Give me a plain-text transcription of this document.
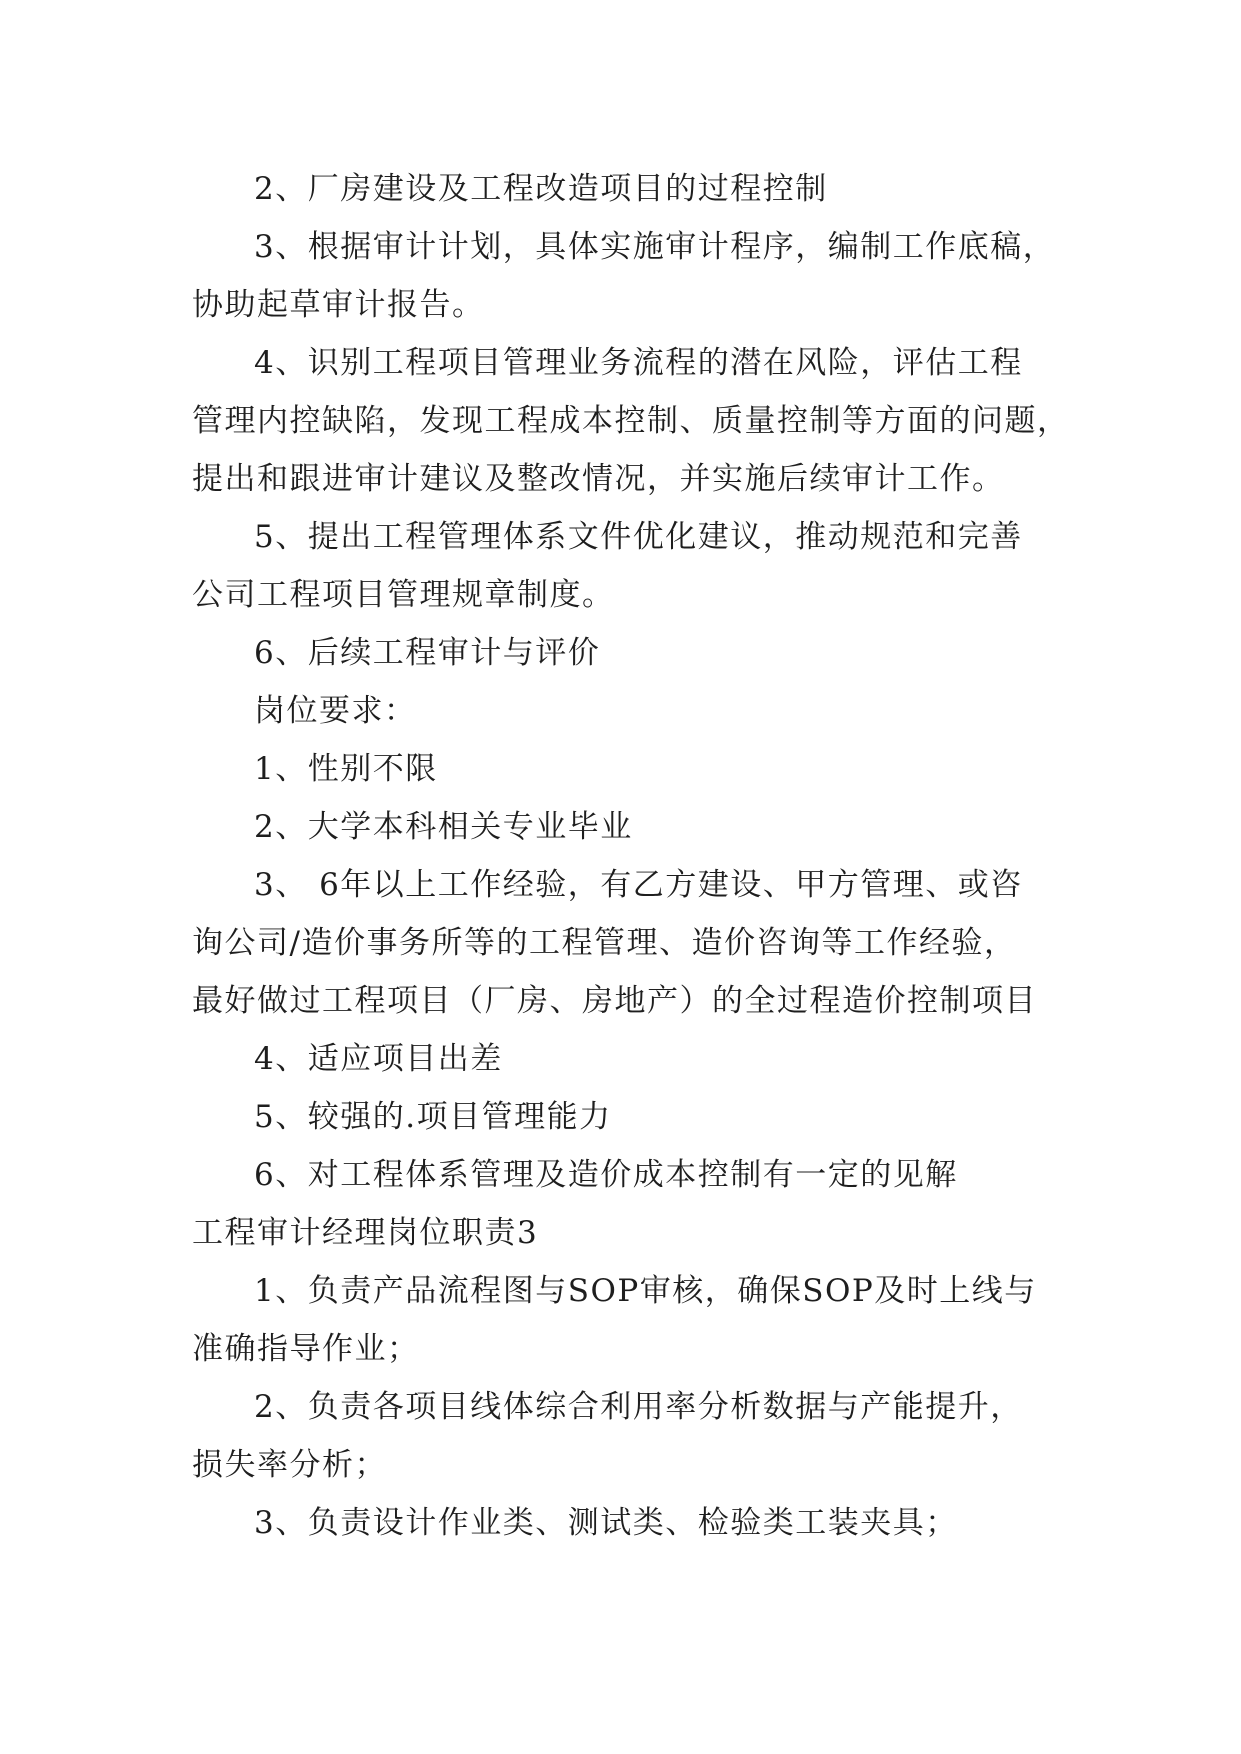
2、厂房建设及工程改造项目的过程控制
3、根据审计计划，具体实施审计程序，编制工作底稿，
协助起草审计报告。
4、识别工程项目管理业务流程的潜在风险，评估工程
管理内控缺陷，发现工程成本控制、质量控制等方面的问题，
提出和跟进审计建议及整改情况，并实施后续审计工作。
5、提出工程管理体系文件优化建议，推动规范和完善
公司工程项目管理规章制度。
6、后续工程审计与评价
岗位要求：
1、性别不限
2、大学本科相关专业毕业
3、 6年以上工作经验，有乙方建设、甲方管理、或咨
询公司/造价事务所等的工程管理、造价咨询等工作经验，
最好做过工程项目（厂房、房地产）的全过程造价控制项目
4、适应项目出差
5、较强的.项目管理能力
6、对工程体系管理及造价成本控制有一定的见解
工程审计经理岗位职责3
1、负责产品流程图与SOP审核，确保SOP及时上线与
准确指导作业；
2、负责各项目线体综合利用率分析数据与产能提升，
损失率分析；
3、负责设计作业类、测试类、检验类工装夹具；
